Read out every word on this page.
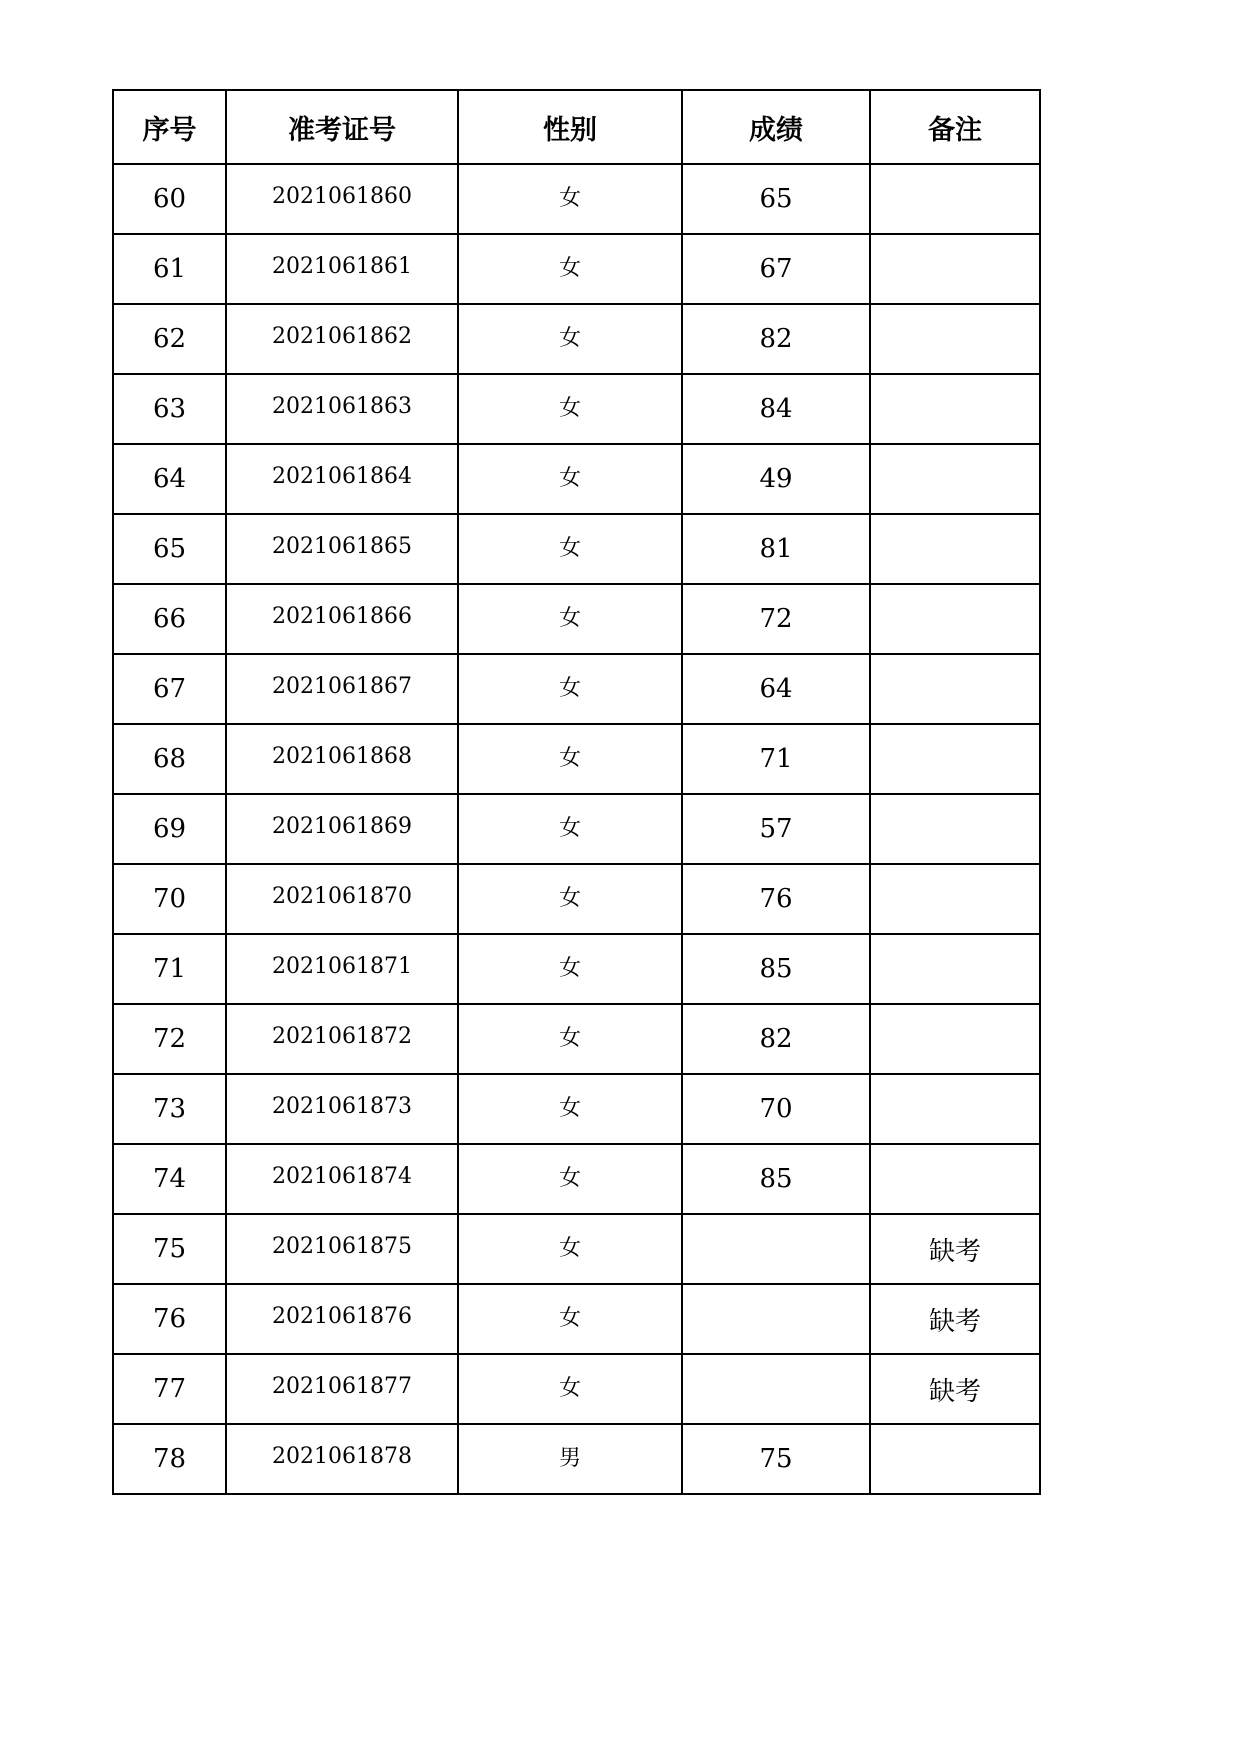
序号	准考证号	性别	成绩	备注
60	2021061860	女	65	
61	2021061861	女	67	
62	2021061862	女	82	
63	2021061863	女	84	
64	2021061864	女	49	
65	2021061865	女	81	
66	2021061866	女	72	
67	2021061867	女	64	
68	2021061868	女	71	
69	2021061869	女	57	
70	2021061870	女	76	
71	2021061871	女	85	
72	2021061872	女	82	
73	2021061873	女	70	
74	2021061874	女	85	
75	2021061875	女		缺考
76	2021061876	女		缺考
77	2021061877	女		缺考
78	2021061878	男	75	
